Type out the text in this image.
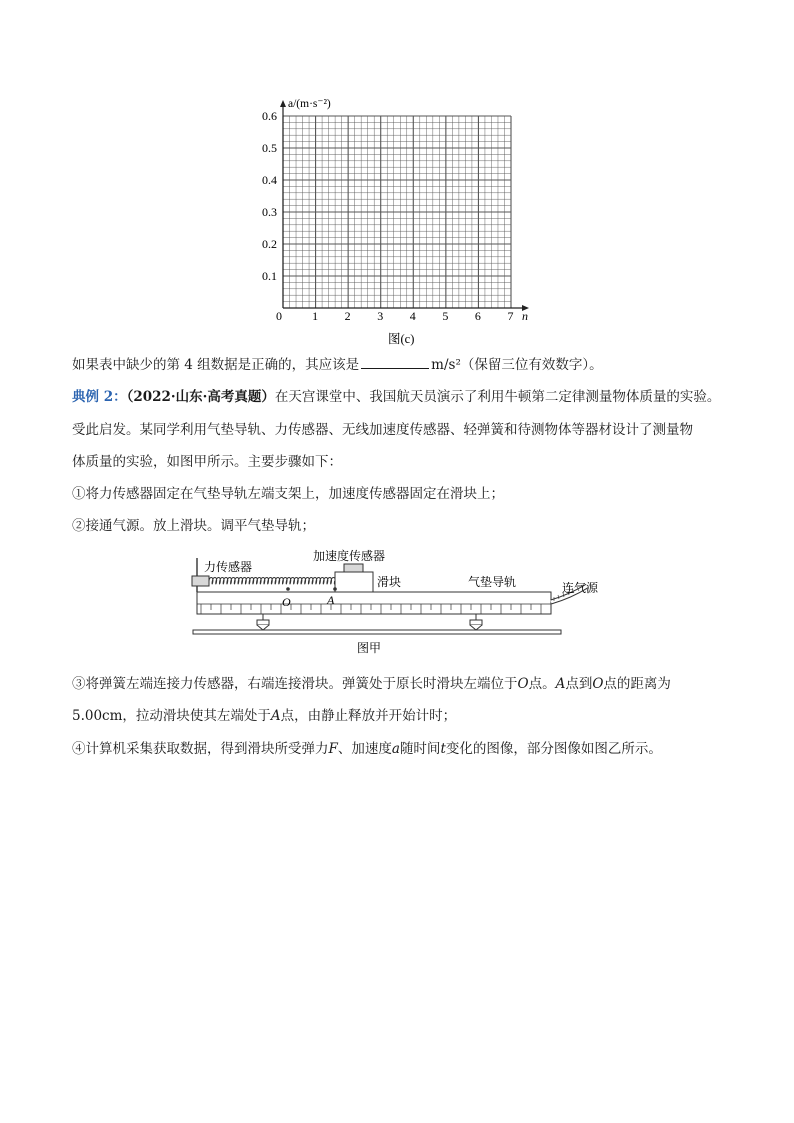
a/(m·s⁻²)
n
0	1 2 3 4 5 6 7
0.1
0.2
0.3
0.4
0.5
0.6
图(c)
如果表中缺少的第 4 组数据是正确的，其应该是	m/s²（保留三位有效数字）。
典例 2：（2022·山东·高考真题）在天宫课堂中、我国航天员演示了利用牛顿第二定律测量物体质量的实验。
受此启发。某同学利用气垫导轨、力传感器、无线加速度传感器、轻弹簧和待测物体等器材设计了测量物
体质量的实验，如图甲所示。主要步骤如下：
①将力传感器固定在气垫导轨左端支架上，加速度传感器固定在滑块上；
②接通气源。放上滑块。调平气垫导轨；
O	A
力传感器
加速度传感器
滑块	气垫导轨	连气源
图甲
③将弹簧左端连接力传感器，右端连接滑块。弹簧处于原长时滑块左端位于O点。A点到O点的距离为
5.00cm，拉动滑块使其左端处于A点，由静止释放并开始计时；
④计算机采集获取数据，得到滑块所受弹力F、加速度a随时间t变化的图像，部分图像如图乙所示。
